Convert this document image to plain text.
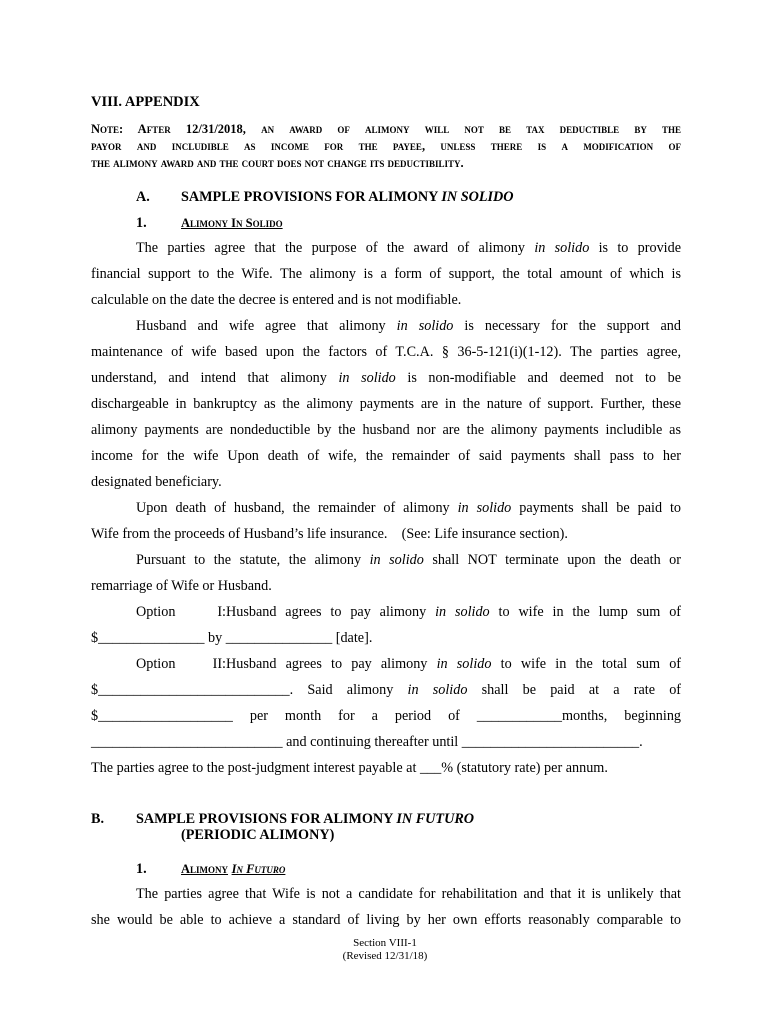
VIII. APPENDIX
Note: After 12/31/2018, an award of alimony will not be tax deductible by the
payor and includible as income for the payee, unless there is a modification of
the alimony award and the court does not change its deductibility.
A. SAMPLE PROVISIONS FOR ALIMONY IN SOLIDO
1.	Alimony In Solido
The parties agree that the purpose of the award of alimony in solido is to provide
financial support to the Wife. The alimony is a form of support, the total amount of which is
calculable on the date the decree is entered and is not modifiable.
Husband and wife agree that alimony in solido is necessary for the support and
maintenance of wife based upon the factors of T.C.A. § 36-5-121(i)(1-12). The parties agree,
understand, and intend that alimony in solido is non-modifiable and deemed not to be
dischargeable in bankruptcy as the alimony payments are in the nature of support. Further, these
alimony payments are nondeductible by the husband nor are the alimony payments includible as
income for the wife Upon death of wife, the remainder of said payments shall pass to her
designated beneficiary.
Upon death of husband, the remainder of alimony in solido payments shall be paid to
Wife from the proceeds of Husband’s life insurance.    (See: Life insurance section).
Pursuant to the statute, the alimony in solido shall NOT terminate upon the death or
remarriage of Wife or Husband.
Option I:Husband agrees to pay alimony in solido to wife in the lump sum of
$_______________ by _______________ [date].
Option II:Husband agrees to pay alimony in solido to wife in the total sum of
$___________________________. Said alimony in solido shall be paid at a rate of
$___________________ per month for a period of ____________months, beginning
___________________________ and continuing thereafter until _________________________.
The parties agree to the post-judgment interest payable at ___% (statutory rate) per annum.
B. SAMPLE PROVISIONS FOR ALIMONY IN FUTURO
(PERIODIC ALIMONY)
1.	Alimony In Futuro
The parties agree that Wife is not a candidate for rehabilitation and that it is unlikely that
she would be able to achieve a standard of living by her own efforts reasonably comparable to
Section VIII-1
(Revised 12/31/18)
